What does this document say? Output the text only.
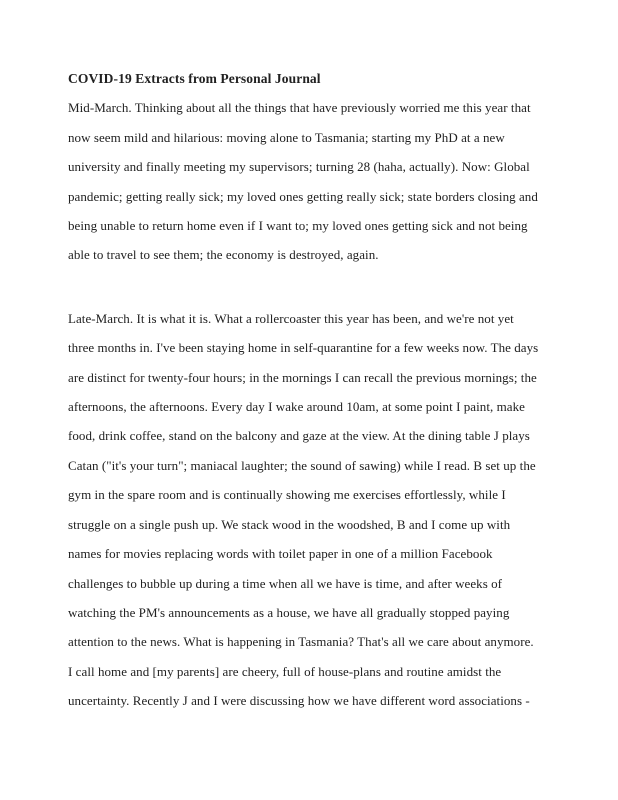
COVID-19 Extracts from Personal Journal
Mid-March. Thinking about all the things that have previously worried me this year that
now seem mild and hilarious: moving alone to Tasmania; starting my PhD at a new
university and finally meeting my supervisors; turning 28 (haha, actually). Now: Global
pandemic; getting really sick; my loved ones getting really sick; state borders closing and
being unable to return home even if I want to; my loved ones getting sick and not being
able to travel to see them; the economy is destroyed, again.
Late-March. It is what it is. What a rollercoaster this year has been, and we're not yet
three months in. I've been staying home in self-quarantine for a few weeks now. The days
are distinct for twenty-four hours; in the mornings I can recall the previous mornings; the
afternoons, the afternoons. Every day I wake around 10am, at some point I paint, make
food, drink coffee, stand on the balcony and gaze at the view. At the dining table J plays
Catan ("it's your turn"; maniacal laughter; the sound of sawing) while I read. B set up the
gym in the spare room and is continually showing me exercises effortlessly, while I
struggle on a single push up. We stack wood in the woodshed, B and I come up with
names for movies replacing words with toilet paper in one of a million Facebook
challenges to bubble up during a time when all we have is time, and after weeks of
watching the PM's announcements as a house, we have all gradually stopped paying
attention to the news. What is happening in Tasmania? That's all we care about anymore.
I call home and [my parents] are cheery, full of house-plans and routine amidst the
uncertainty. Recently J and I were discussing how we have different word associations -
